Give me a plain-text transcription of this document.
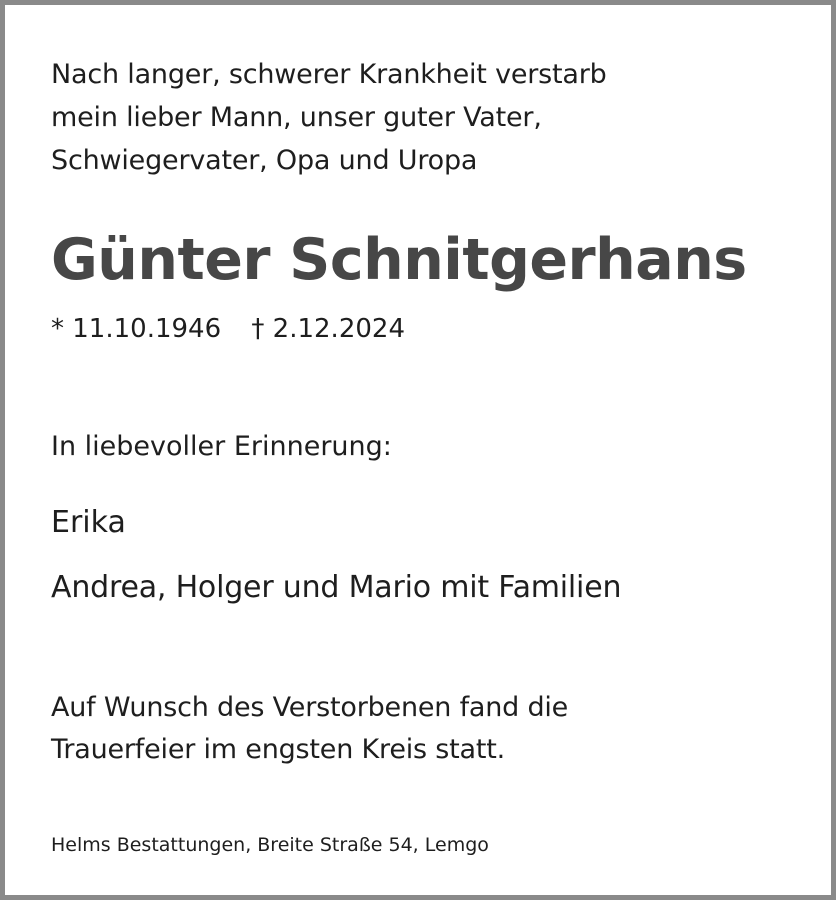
Nach langer, schwerer Krankheit verstarb
mein lieber Mann, unser guter Vater,
Schwiegervater, Opa und Uropa

Günter Schnitgerhans
* 11.10.1946 † 2.12.2024
In liebevoller Erinnerung:
Erika
Andrea, Holger und Mario mit Familien

Auf Wunsch des Verstorbenen fand die
Trauerfeier im engsten Kreis statt.

Helms Bestattungen, Breite Straße 54, Lemgo
